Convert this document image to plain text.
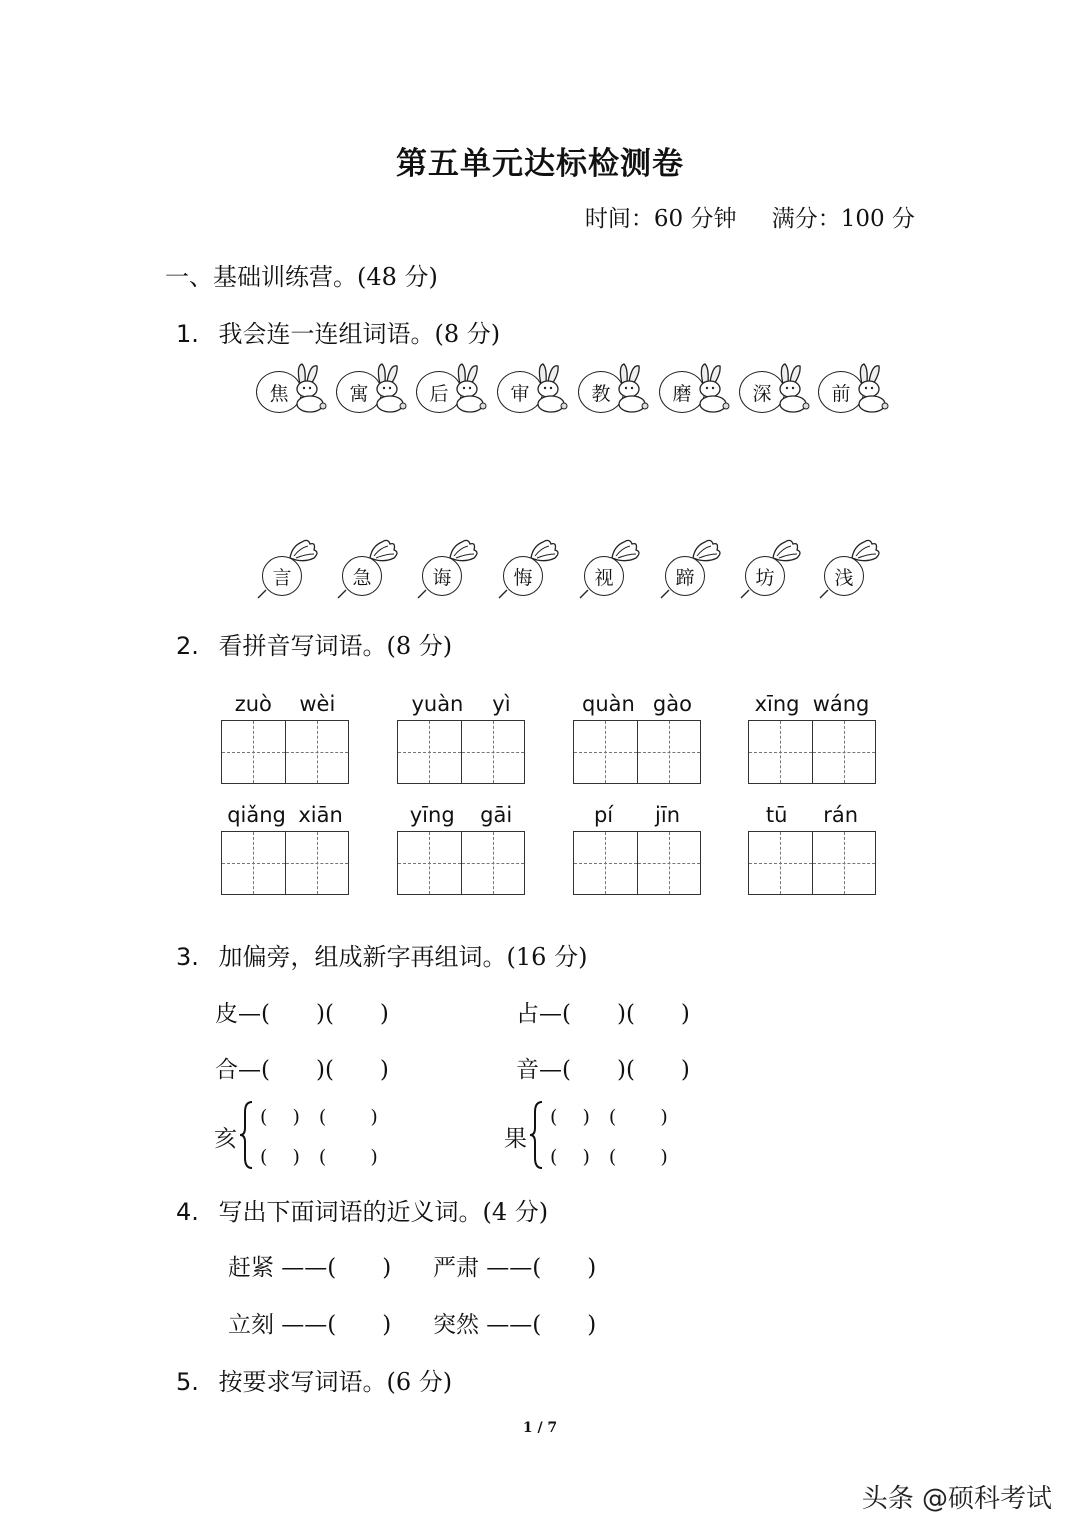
第五单元达标检测卷
时间：60 分钟 满分：100 分
一、基础训练营。(48 分)
1. 我会连一连组词语。(8 分)
焦	寓	后	审	教	磨	深	前
言	急	诲	悔	视	蹄	坊	浅
2. 看拼音写词语。(8 分)
zuò wèi	yuàn yì	quàn gào	xīng wáng
qiǎng xiān	yīng gāi	pí jīn	tū rán
3. 加偏旁，组成新字再组词。(16 分)
皮—(　　)(　　)	占—(　　)(　　)
合—(　　)(　　)	音—(　　)(　　)
亥
(　 )　(　　 )
(　 )　(　　 )
果
(　 )　(　　 )
(　 )　(　　 )
4. 写出下面词语的近义词。(4 分)
赶紧 ——(　　) 严肃 ——(　　)
立刻 ——(　　) 突然 ——(　　)
5. 按要求写词语。(6 分)
1 / 7
头条 @硕科考试
